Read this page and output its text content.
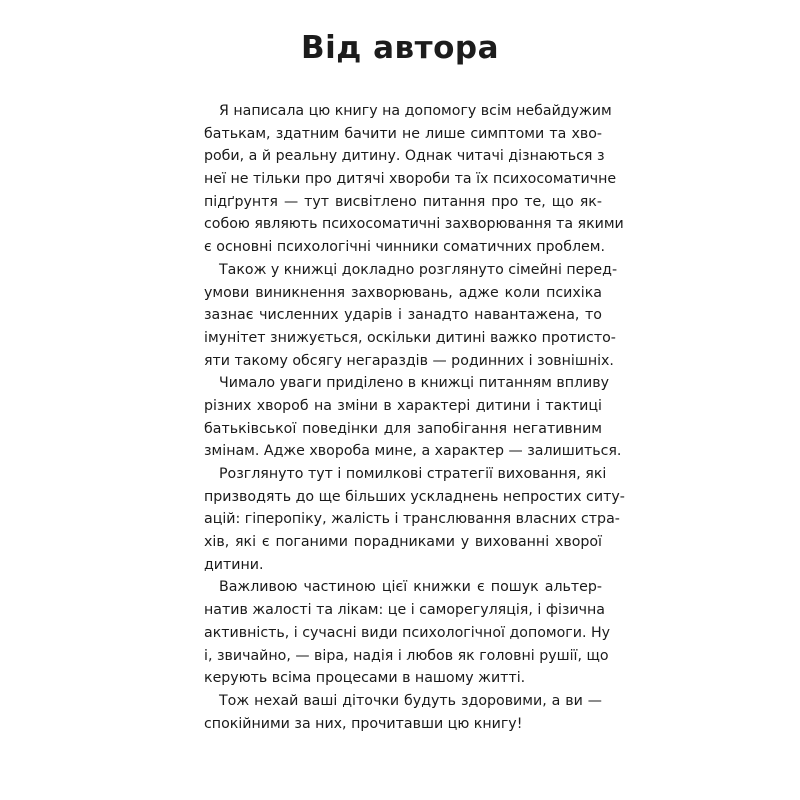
Від автора
Я написала цю книгу на допомогу всім небайдужим
батькам, здатним бачити не лише симптоми та хво-
роби, а й реальну дитину. Однак читачі дізнаються з
неї не тільки про дитячі хвороби та їх психосоматичне
підґрунтя — тут висвітлено питання про те, що як-
собою являють психосоматичні захворювання та якими
є основні психологічні чинники соматичних проблем.
Також у книжці докладно розглянуто сімейні перед-
умови виникнення захворювань, адже коли психіка
зазнає численних ударів і занадто навантажена, то
імунітет знижується, оскільки дитині важко протисто-
яти такому обсягу негараздів — родинних і зовнішніх.
Чимало уваги приділено в книжці питанням впливу
різних хвороб на зміни в характері дитини і тактиці
батьківської поведінки для запобігання негативним
змінам. Адже хвороба мине, а характер — залишиться.
Розглянуто тут і помилкові стратегії виховання, які
призводять до ще більших ускладнень непростих ситу-
ацій: гіперопіку, жалість і транслювання власних стра-
хів, які є поганими порадниками у вихованні хворої
дитини.
Важливою частиною цієї книжки є пошук альтер-
натив жалості та лікам: це і саморегуляція, і фізична
активність, і сучасні види психологічної допомоги. Ну
і, звичайно, — віра, надія і любов як головні рушії, що
керують всіма процесами в нашому житті.
Тож нехай ваші діточки будуть здоровими, а ви —
спокійними за них, прочитавши цю книгу!
